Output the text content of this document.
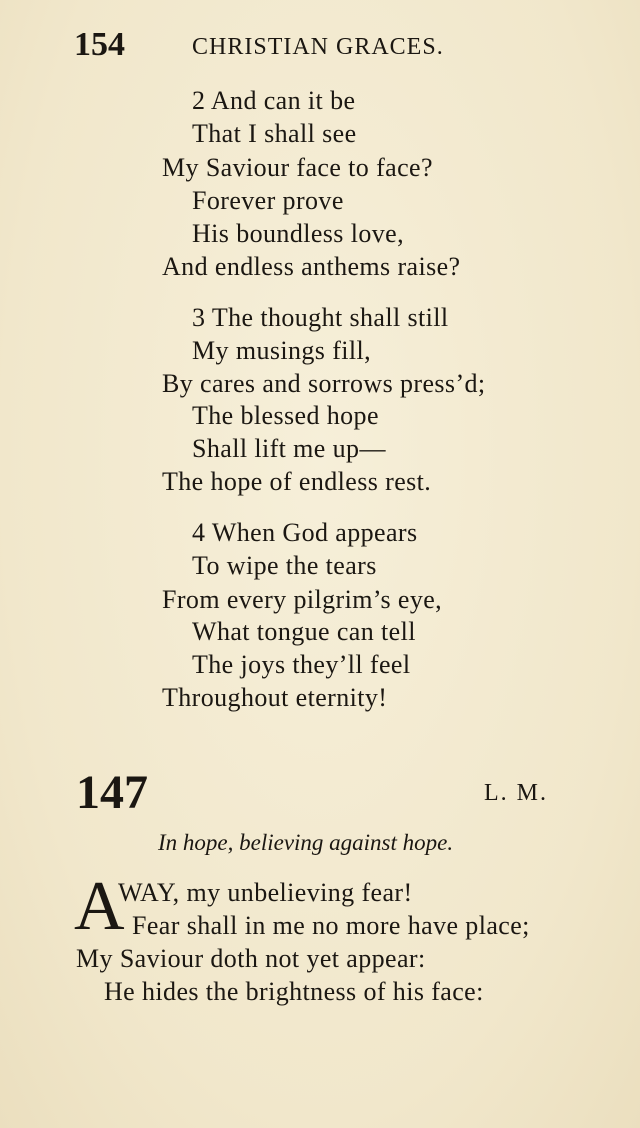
154	CHRISTIAN GRACES.
2 And can it be
That I shall see
My Saviour face to face?
Forever prove
His boundless love,
And endless anthems raise?
3 The thought shall still
My musings fill,
By cares and sorrows press’d;
The blessed hope
Shall lift me up—
The hope of endless rest.
4 When God appears
To wipe the tears
From every pilgrim’s eye,
What tongue can tell
The joys they’ll feel
Throughout eternity!
147	L. M.
In hope, believing against hope.
A
WAY, my unbelieving fear!
Fear shall in me no more have place;
My Saviour doth not yet appear:
He hides the brightness of his face:
